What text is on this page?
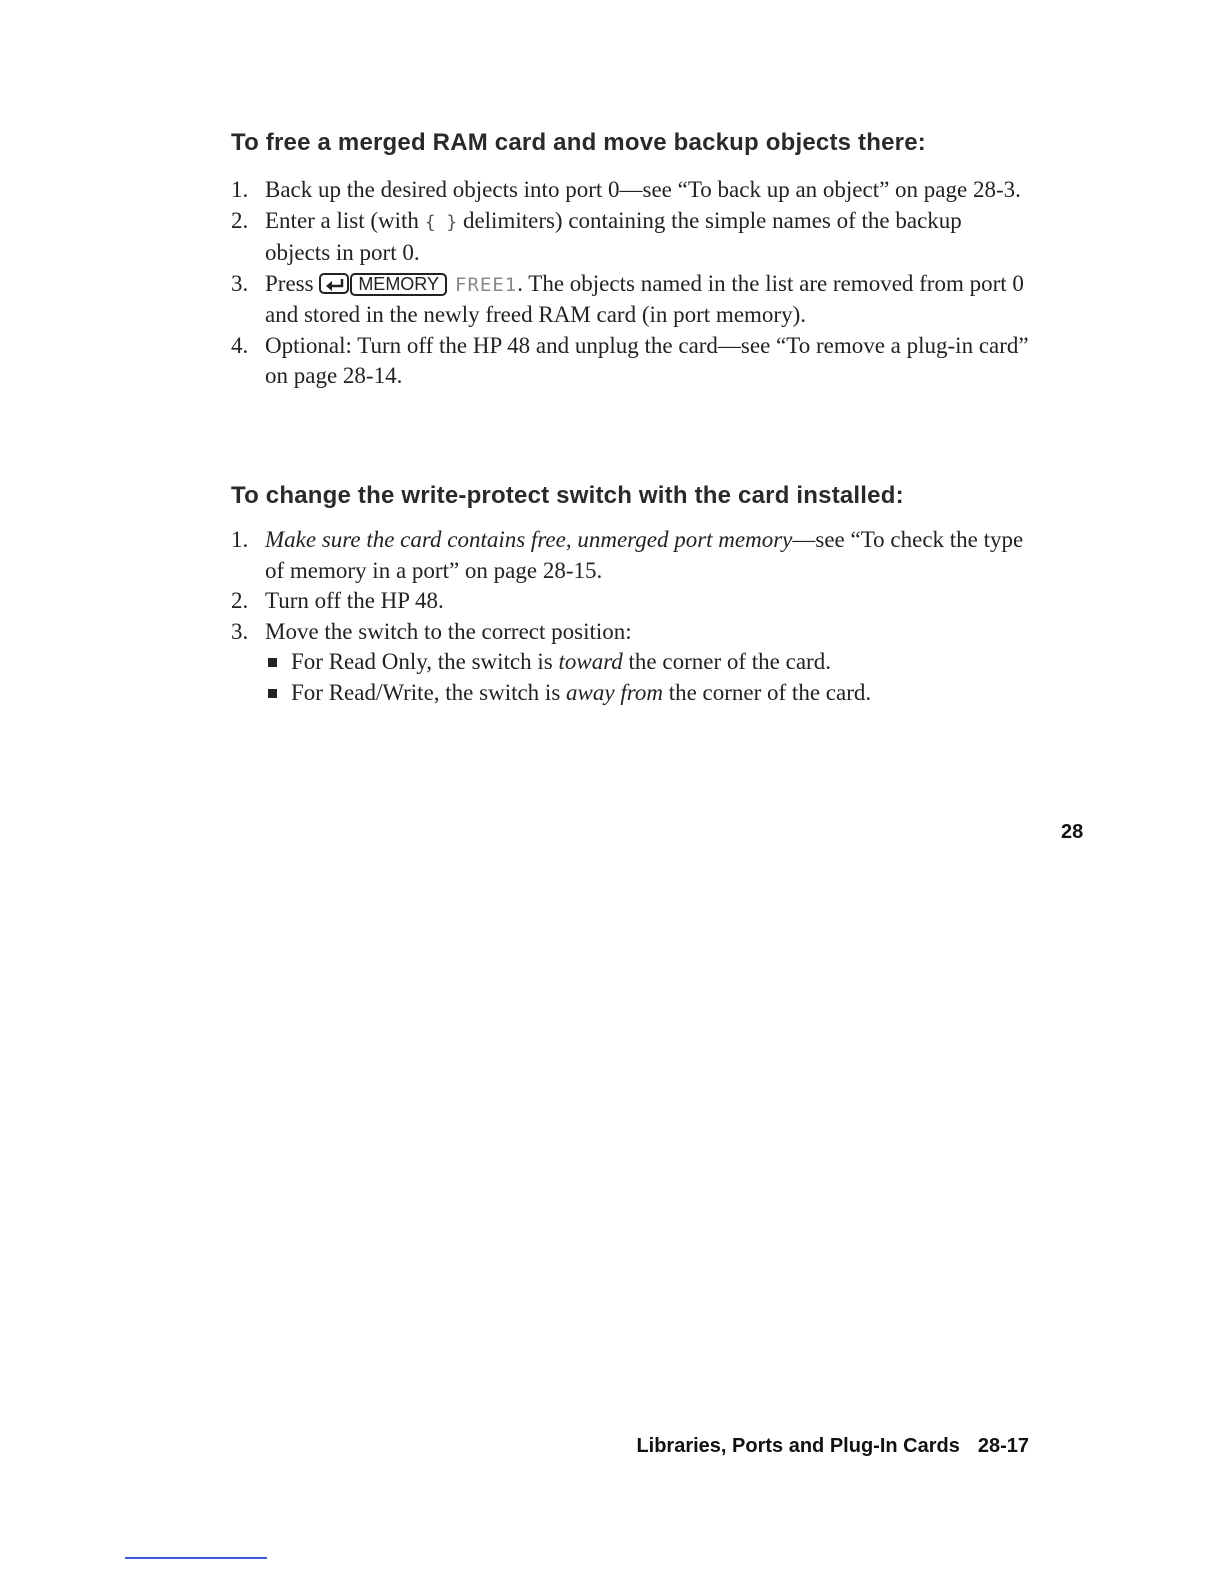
To free a merged RAM card and move backup objects there:
1. Back up the desired objects into port 0—see “To back up an object” on page 28-3.
2. Enter a list (with { } delimiters) containing the simple names of the backup objects in port 0.
3. Press MEMORY FREE1. The objects named in the list are removed from port 0 and stored in the newly freed RAM card (in port memory).
4. Optional: Turn off the HP 48 and unplug the card—see “To remove a plug-in card” on page 28-14.
To change the write-protect switch with the card installed:
1. Make sure the card contains free, unmerged port memory—see “To check the type of memory in a port” on page 28-15.
2. Turn off the HP 48.
3. Move the switch to the correct position:
For Read Only, the switch is toward the corner of the card.
For Read/Write, the switch is away from the corner of the card.
28
Libraries, Ports and Plug-In Cards 28-17
